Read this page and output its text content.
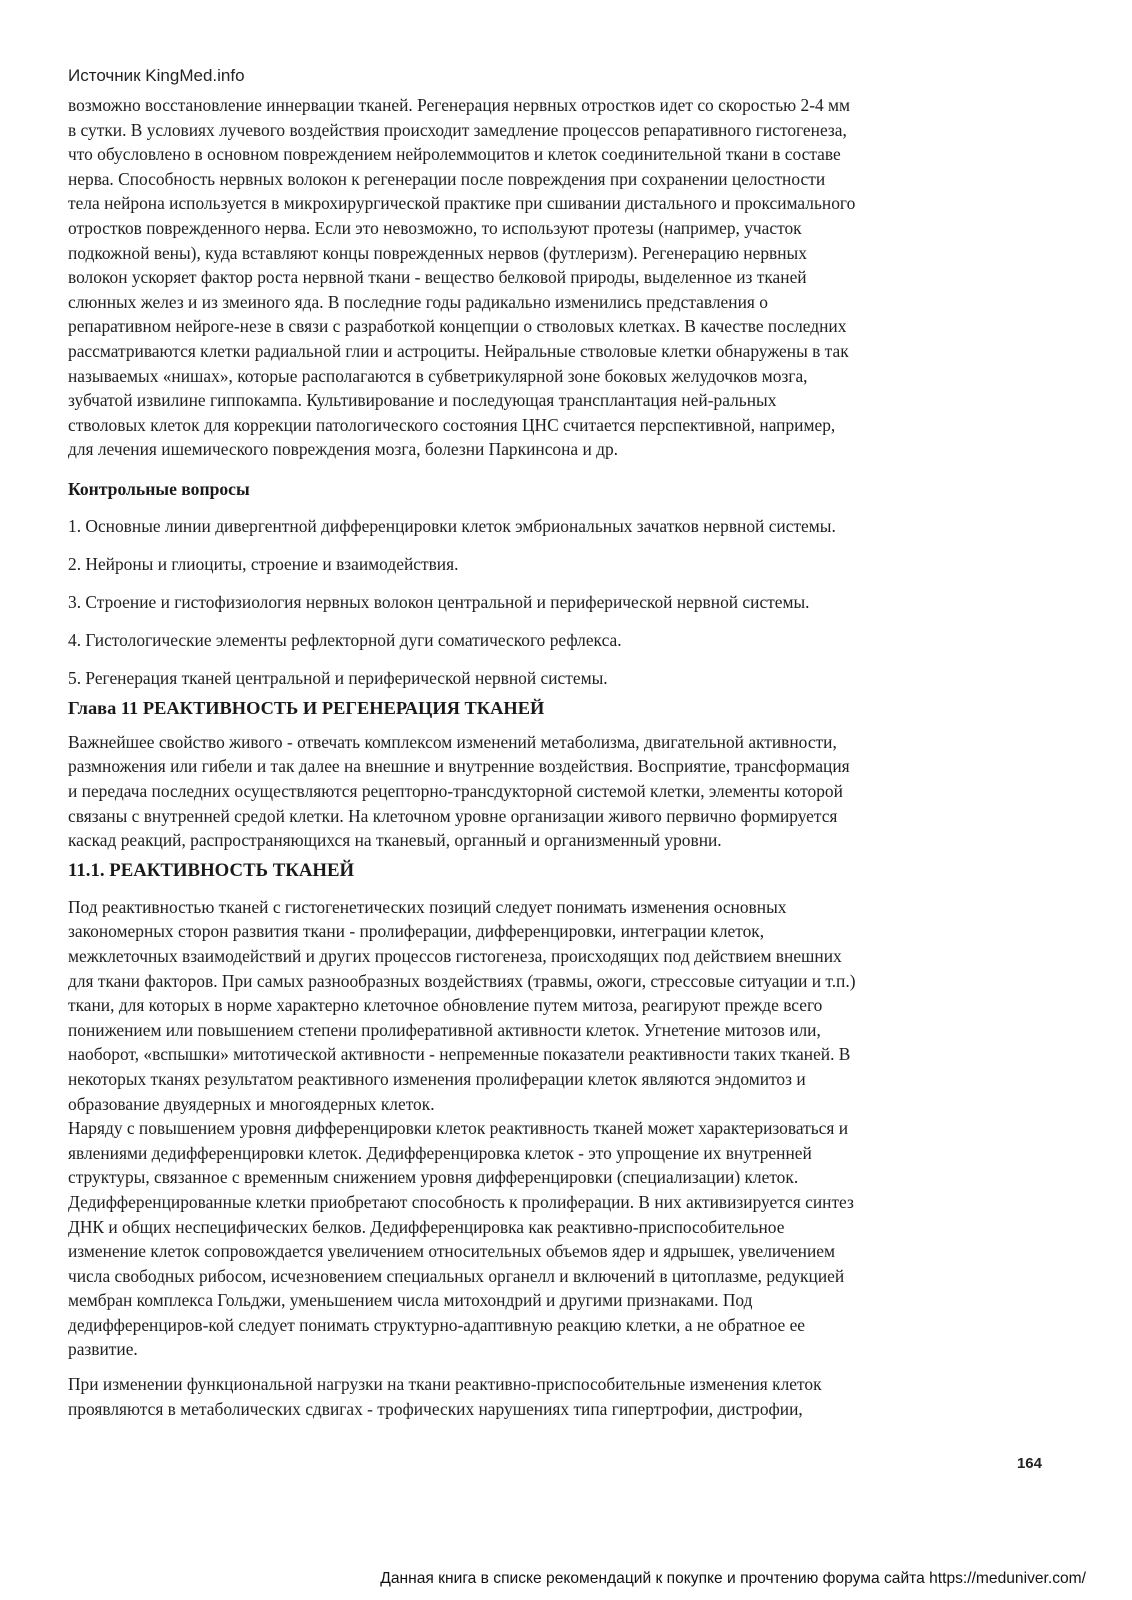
Источник KingMed.info
возможно восстановление иннервации тканей. Регенерация нервных отростков идет со скоростью 2-4 мм
в сутки. В условиях лучевого воздействия происходит замедление процессов репаративного гистогенеза,
что обусловлено в основном повреждением нейролеммоцитов и клеток соединительной ткани в составе
нерва. Способность нервных волокон к регенерации после повреждения при сохранении целостности
тела нейрона используется в микрохирургической практике при сшивании дистального и проксимального
отростков поврежденного нерва. Если это невозможно, то используют протезы (например, участок
подкожной вены), куда вставляют концы поврежденных нервов (футлеризм). Регенерацию нервных
волокон ускоряет фактор роста нервной ткани - вещество белковой природы, выделенное из тканей
слюнных желез и из змеиного яда. В последние годы радикально изменились представления о
репаративном нейроге-незе в связи с разработкой концепции о стволовых клетках. В качестве последних
рассматриваются клетки радиальной глии и астроциты. Нейральные стволовые клетки обнаружены в так
называемых «нишах», которые располагаются в субветрикулярной зоне боковых желудочков мозга,
зубчатой извилине гиппокампа. Культивирование и последующая трансплантация ней-ральных
стволовых клеток для коррекции патологического состояния ЦНС считается перспективной, например,
для лечения ишемического повреждения мозга, болезни Паркинсона и др.
Контрольные вопросы
1. Основные линии дивергентной дифференцировки клеток эмбриональных зачатков нервной системы.
2. Нейроны и глиоциты, строение и взаимодействия.
3. Строение и гистофизиология нервных волокон центральной и периферической нервной системы.
4. Гистологические элементы рефлекторной дуги соматического рефлекса.
5. Регенерация тканей центральной и периферической нервной системы.
Глава 11 РЕАКТИВНОСТЬ И РЕГЕНЕРАЦИЯ ТКАНЕЙ
Важнейшее свойство живого - отвечать комплексом изменений метаболизма, двигательной активности,
размножения или гибели и так далее на внешние и внутренние воздействия. Восприятие, трансформация
и передача последних осуществляются рецепторно-трансдукторной системой клетки, элементы которой
связаны с внутренней средой клетки. На клеточном уровне организации живого первично формируется
каскад реакций, распространяющихся на тканевый, органный и организменный уровни.
11.1. РЕАКТИВНОСТЬ ТКАНЕЙ
Под реактивностью тканей с гистогенетических позиций следует понимать изменения основных
закономерных сторон развития ткани - пролиферации, дифференцировки, интеграции клеток,
межклеточных взаимодействий и других процессов гистогенеза, происходящих под действием внешних
для ткани факторов. При самых разнообразных воздействиях (травмы, ожоги, стрессовые ситуации и т.п.)
ткани, для которых в норме характерно клеточное обновление путем митоза, реагируют прежде всего
понижением или повышением степени пролиферативной активности клеток. Угнетение митозов или,
наоборот, «вспышки» митотической активности - непременные показатели реактивности таких тканей. В
некоторых тканях результатом реактивного изменения пролиферации клеток являются эндомитоз и
образование двуядерных и многоядерных клеток.
Наряду с повышением уровня дифференцировки клеток реактивность тканей может характеризоваться и
явлениями дедифференцировки клеток. Дедифференцировка клеток - это упрощение их внутренней
структуры, связанное с временным снижением уровня дифференцировки (специализации) клеток.
Дедифференцированные клетки приобретают способность к пролиферации. В них активизируется синтез
ДНК и общих неспецифических белков. Дедифференцировка как реактивно-приспособительное
изменение клеток сопровождается увеличением относительных объемов ядер и ядрышек, увеличением
числа свободных рибосом, исчезновением специальных органелл и включений в цитоплазме, редукцией
мембран комплекса Гольджи, уменьшением числа митохондрий и другими признаками. Под
дедифференциров-кой следует понимать структурно-адаптивную реакцию клетки, а не обратное ее
развитие.
При изменении функциональной нагрузки на ткани реактивно-приспособительные изменения клеток
проявляются в метаболических сдвигах - трофических нарушениях типа гипертрофии, дистрофии,
164
Данная книга в списке рекомендаций к покупке и прочтению форума сайта https://meduniver.com/
